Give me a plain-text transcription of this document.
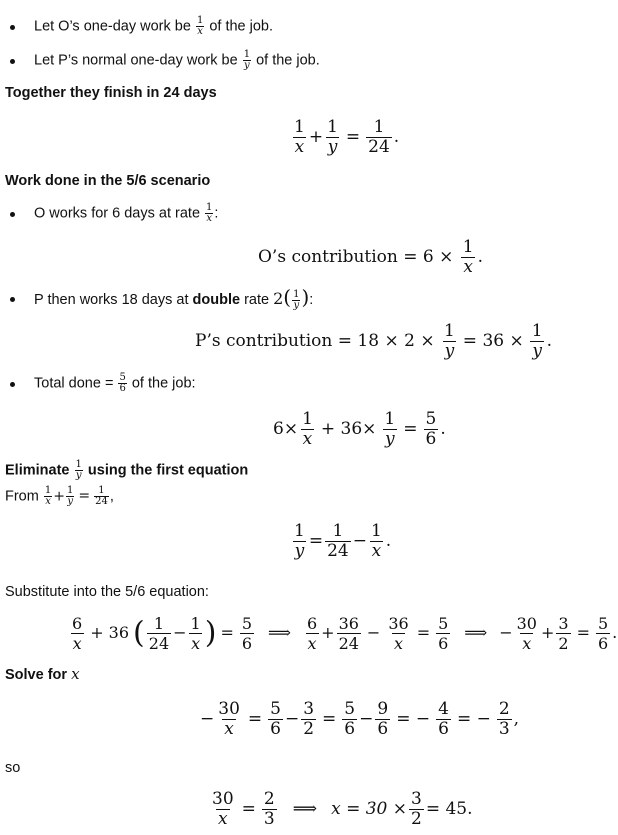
Let O’s one-day work be $\frac{1}{x}$ of the job.
Let P’s normal one-day work be $\frac{1}{y}$ of the job.
Together they finish in 24 days
$\frac{1}{x} + \frac{1}{y} = \frac{1}{24}$ .
Work done in the 5/6 scenario
O works for 6 days at rate $\frac{1}{x}$ :
O’s contribution = $6 \times \frac{1}{x}$ .
P then works 18 days at double rate $2( \frac{1}{y}$ ):
P’s contribution = $18 \times 2 \times \frac{1}{y} = 36 \times \frac{1}{y}$ .
Total done = $\frac{5}{6}$ of the job:
$6\times \frac{1}{x} + 36\times \frac{1}{y} = \frac{5}{6}$ .
Eliminate $\frac{1}{y}$ using the first equation
From $\frac{1}{x} + \frac{1}{y} = \frac{1}{24}$ ,
$\frac{1}{y} = \frac{1}{24} - \frac{1}{x}$ .
Substitute into the 5/6 equation:
$\frac{6}{x} + 36$ ( $\frac{1}{24} - \frac{1}{x}$ ) = $\frac{5}{6}$ ⟹ $\frac{6}{x} + \frac{36}{24} - \frac{36}{x} = \frac{5}{6}$ ⟹ − $\frac{30}{x} + \frac{3}{2} = \frac{5}{6}$ .
Solve for x
− $\frac{30}{x} = \frac{5}{6} - \frac{3}{2} = \frac{5}{6} - \frac{9}{6}$ = − $\frac{4}{6}$ = − $\frac{2}{3}$ ,
so
$\frac{30}{x} = \frac{2}{3}$ ⟹ $x = 30 \times \frac{3}{2} = 45$.
